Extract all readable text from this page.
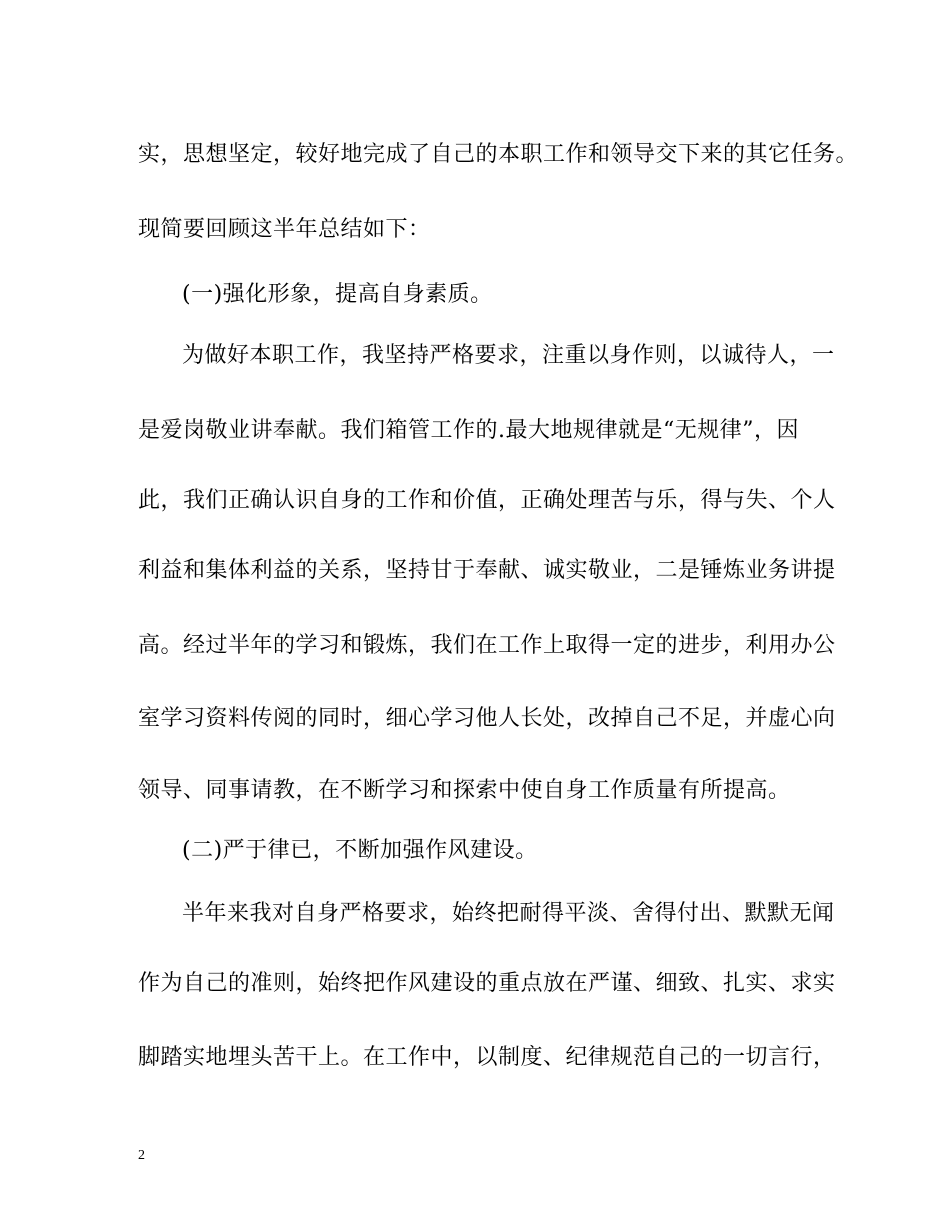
实，思想坚定，较好地完成了自己的本职工作和领导交下来的其它任务。
现简要回顾这半年总结如下：
(一)强化形象，提高自身素质。
为做好本职工作，我坚持严格要求，注重以身作则，以诚待人，一
是爱岗敬业讲奉献。我们箱管工作的.最大地规律就是“无规律”，因
此，我们正确认识自身的工作和价值，正确处理苦与乐，得与失、个人
利益和集体利益的关系，坚持甘于奉献、诚实敬业，二是锤炼业务讲提
高。经过半年的学习和锻炼，我们在工作上取得一定的进步，利用办公
室学习资料传阅的同时，细心学习他人长处，改掉自己不足，并虚心向
领导、同事请教，在不断学习和探索中使自身工作质量有所提高。
(二)严于律已，不断加强作风建设。
半年来我对自身严格要求，始终把耐得平淡、舍得付出、默默无闻
作为自己的准则，始终把作风建设的重点放在严谨、细致、扎实、求实
脚踏实地埋头苦干上。在工作中，以制度、纪律规范自己的一切言行，
2
